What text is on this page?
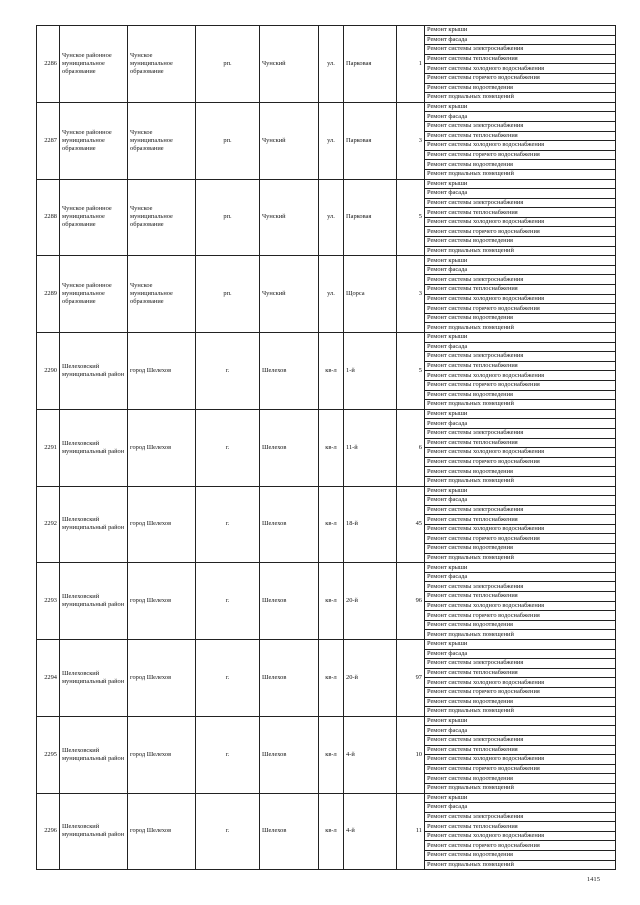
2286	Чунское районное муниципальное образование	Чунское муниципальное образование	рп.	Чунский	ул.	Парковая	1	Ремонт крыши
								Ремонт фасада
								Ремонт системы электроснабжения
								Ремонт системы теплоснабжения
								Ремонт системы холодного водоснабжения
								Ремонт системы горячего водоснабжения
								Ремонт системы водоотведения
								Ремонт подвальных помещений
2287	Чунское районное муниципальное образование	Чунское муниципальное образование	рп.	Чунский	ул.	Парковая	3	Ремонт крыши
								Ремонт фасада
								Ремонт системы электроснабжения
								Ремонт системы теплоснабжения
								Ремонт системы холодного водоснабжения
								Ремонт системы горячего водоснабжения
								Ремонт системы водоотведения
								Ремонт подвальных помещений
2288	Чунское районное муниципальное образование	Чунское муниципальное образование	рп.	Чунский	ул.	Парковая	5	Ремонт крыши
								Ремонт фасада
								Ремонт системы электроснабжения
								Ремонт системы теплоснабжения
								Ремонт системы холодного водоснабжения
								Ремонт системы горячего водоснабжения
								Ремонт системы водоотведения
								Ремонт подвальных помещений
2289	Чунское районное муниципальное образование	Чунское муниципальное образование	рп.	Чунский	ул.	Щорса	3	Ремонт крыши
								Ремонт фасада
								Ремонт системы электроснабжения
								Ремонт системы теплоснабжения
								Ремонт системы холодного водоснабжения
								Ремонт системы горячего водоснабжения
								Ремонт системы водоотведения
								Ремонт подвальных помещений
2290	Шелеховский муниципальный район	город Шелехов	г.	Шелехов	кв-л	1-й	5	Ремонт крыши
								Ремонт фасада
								Ремонт системы электроснабжения
								Ремонт системы теплоснабжения
								Ремонт системы холодного водоснабжения
								Ремонт системы горячего водоснабжения
								Ремонт системы водоотведения
								Ремонт подвальных помещений
2291	Шелеховский муниципальный район	город Шелехов	г.	Шелехов	кв-л	11-й	6	Ремонт крыши
								Ремонт фасада
								Ремонт системы электроснабжения
								Ремонт системы теплоснабжения
								Ремонт системы холодного водоснабжения
								Ремонт системы горячего водоснабжения
								Ремонт системы водоотведения
								Ремонт подвальных помещений
2292	Шелеховский муниципальный район	город Шелехов	г.	Шелехов	кв-л	18-й	45	Ремонт крыши
								Ремонт фасада
								Ремонт системы электроснабжения
								Ремонт системы теплоснабжения
								Ремонт системы холодного водоснабжения
								Ремонт системы горячего водоснабжения
								Ремонт системы водоотведения
								Ремонт подвальных помещений
2293	Шелеховский муниципальный район	город Шелехов	г.	Шелехов	кв-л	20-й	96	Ремонт крыши
								Ремонт фасада
								Ремонт системы электроснабжения
								Ремонт системы теплоснабжения
								Ремонт системы холодного водоснабжения
								Ремонт системы горячего водоснабжения
								Ремонт системы водоотведения
								Ремонт подвальных помещений
2294	Шелеховский муниципальный район	город Шелехов	г.	Шелехов	кв-л	20-й	97	Ремонт крыши
								Ремонт фасада
								Ремонт системы электроснабжения
								Ремонт системы теплоснабжения
								Ремонт системы холодного водоснабжения
								Ремонт системы горячего водоснабжения
								Ремонт системы водоотведения
								Ремонт подвальных помещений
2295	Шелеховский муниципальный район	город Шелехов	г.	Шелехов	кв-л	4-й	10	Ремонт крыши
								Ремонт фасада
								Ремонт системы электроснабжения
								Ремонт системы теплоснабжения
								Ремонт системы холодного водоснабжения
								Ремонт системы горячего водоснабжения
								Ремонт системы водоотведения
								Ремонт подвальных помещений
2296	Шелеховский муниципальный район	город Шелехов	г.	Шелехов	кв-л	4-й	11	Ремонт крыши
								Ремонт фасада
								Ремонт системы электроснабжения
								Ремонт системы теплоснабжения
								Ремонт системы холодного водоснабжения
								Ремонт системы горячего водоснабжения
								Ремонт системы водоотведения
								Ремонт подвальных помещений
1415
